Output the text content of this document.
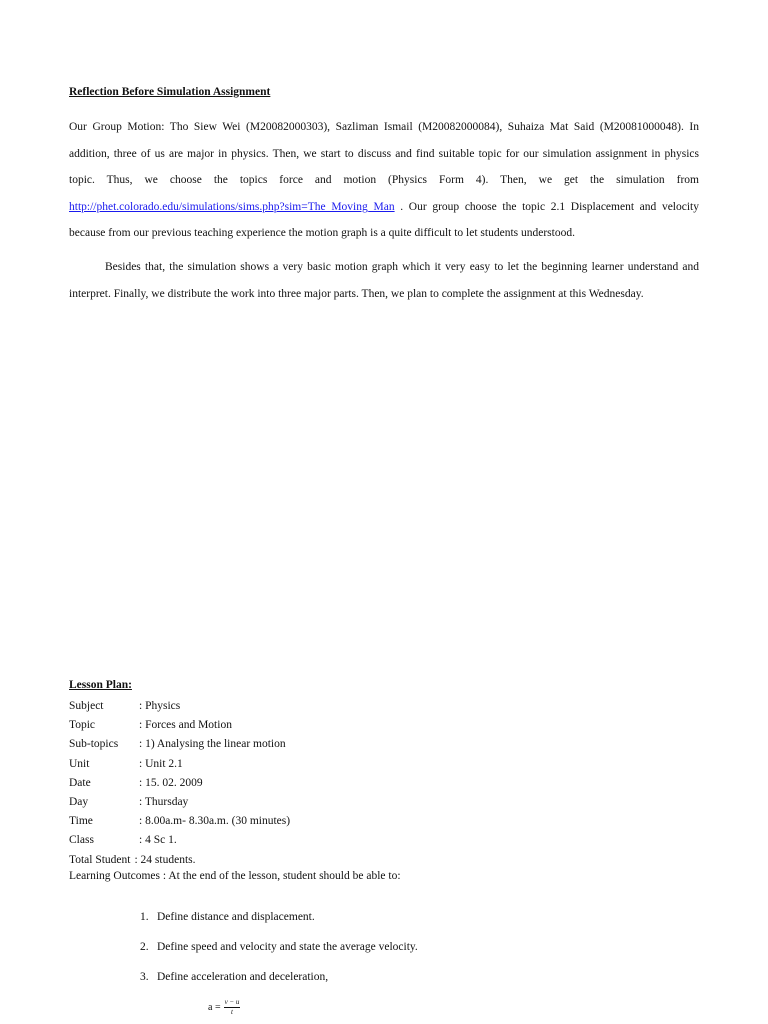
Reflection Before Simulation Assignment

Our Group Motion: Tho Siew Wei (M20082000303), Sazliman Ismail (M20082000084), Suhaiza Mat Said (M20081000048). In addition, three of us are major in physics. Then, we start to discuss and find suitable topic for our simulation assignment in physics topic. Thus, we choose the topics force and motion (Physics Form 4). Then, we get the simulation from http://phet.colorado.edu/simulations/sims.php?sim=The_Moving_Man . Our group choose the topic 2.1 Displacement and velocity because from our previous teaching experience the motion graph is a quite difficult to let students understood.

Besides that, the simulation shows a very basic motion graph which it very easy to let the beginning learner understand and interpret. Finally, we distribute the work into three major parts. Then, we plan to complete the assignment at this Wednesday.

Lesson Plan:
Subject	: Physics
Topic	: Forces and Motion
Sub-topics : 1) Analysing the linear motion
Unit	: Unit 2.1
Date	: 15. 02. 2009
Day	: Thursday
Time	: 8.00a.m- 8.30a.m. (30 minutes)
Class	: 4 Sc 1.
Total Student : 24 students.
Learning Outcomes : At the end of the lesson, student should be able to:
1. Define distance and displacement.
2. Define speed and velocity and state the average velocity.
3. Define acceleration and deceleration,
$a = \frac{v - u}{t}$
